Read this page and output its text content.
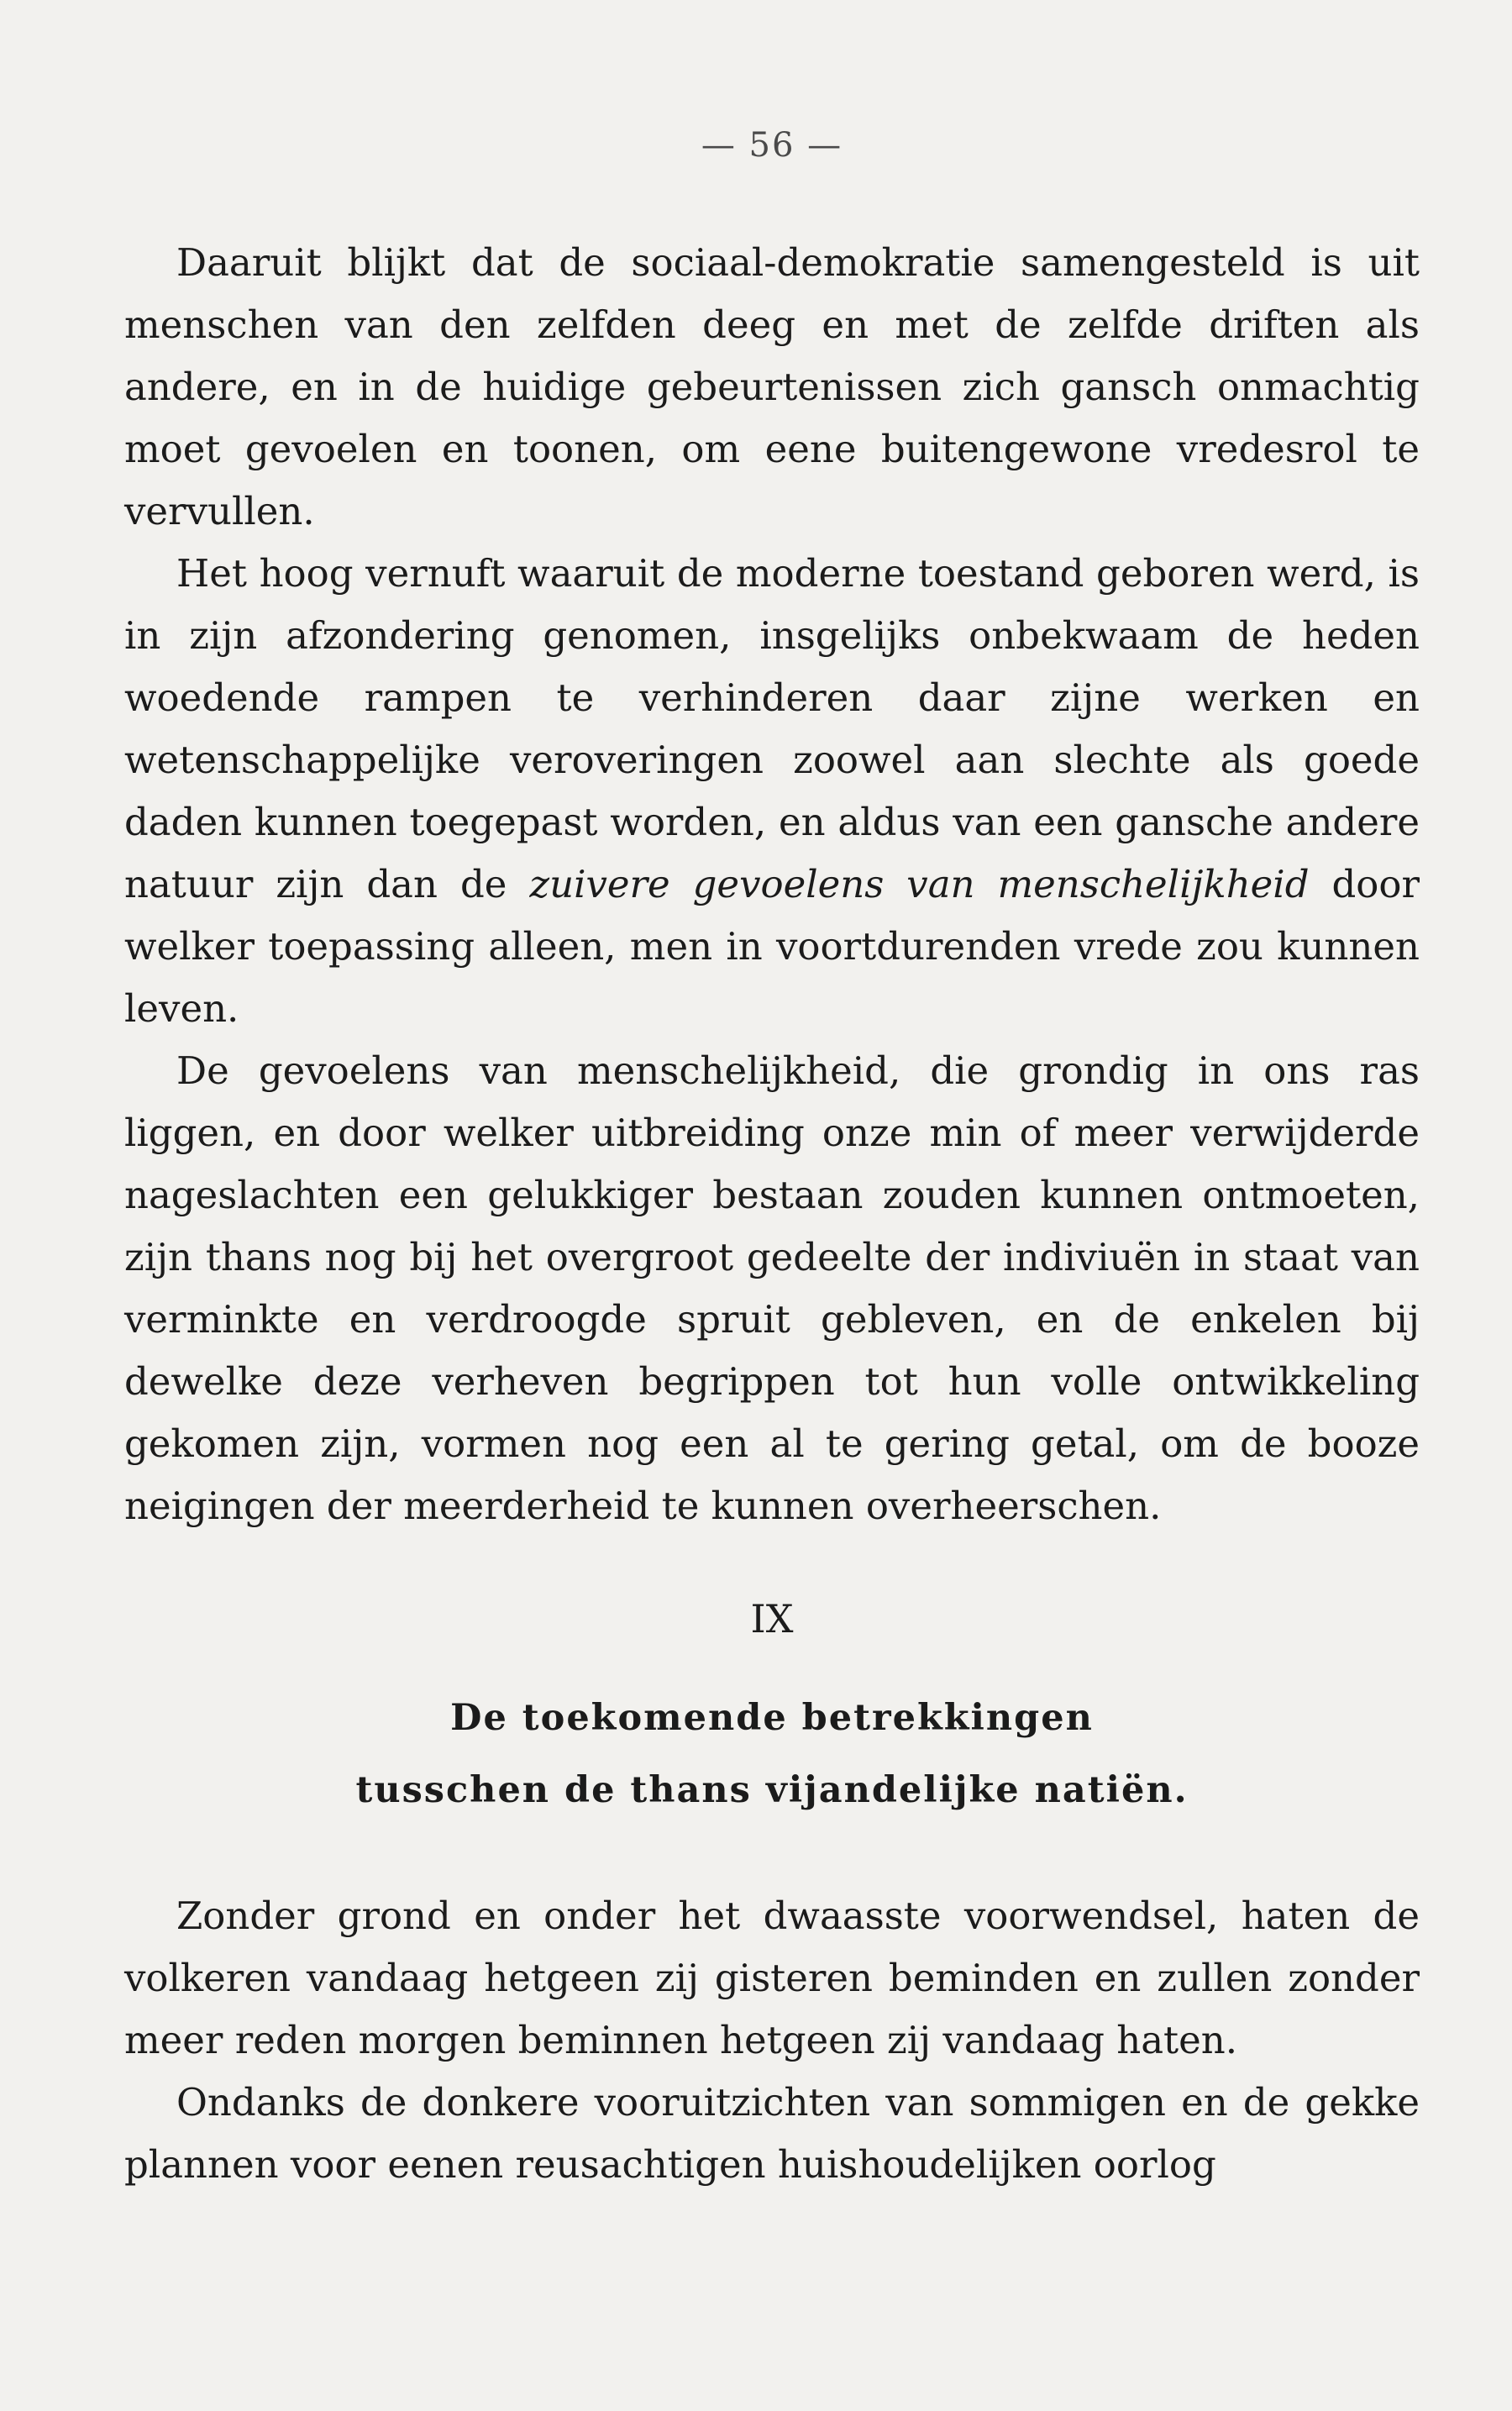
— 56 —

Daaruit blijkt dat de sociaal-demokratie samengesteld is uit menschen van den zelfden deeg en met de zelfde driften als andere, en in de huidige gebeurtenissen zich gansch onmachtig moet gevoelen en toonen, om eene buitengewone vredesrol te vervullen.

Het hoog vernuft waaruit de moderne toestand geboren werd, is in zijn afzondering genomen, insgelijks onbekwaam de heden woedende rampen te verhinderen daar zijne werken en wetenschappelijke veroveringen zoowel aan slechte als goede daden kunnen toegepast worden, en aldus van een gansche andere natuur zijn dan de zuivere gevoelens van menschelijkheid door welker toepassing alleen, men in voortdurenden vrede zou kunnen leven.

De gevoelens van menschelijkheid, die grondig in ons ras liggen, en door welker uitbreiding onze min of meer verwijderde nageslachten een gelukkiger bestaan zouden kunnen ontmoeten, zijn thans nog bij het overgroot gedeelte der indiviuën in staat van verminkte en verdroogde spruit gebleven, en de enkelen bij dewelke deze verheven begrippen tot hun volle ontwikkeling gekomen zijn, vormen nog een al te gering getal, om de booze neigingen der meerderheid te kunnen overheerschen.

IX
De toekomende betrekkingen
tusschen de thans vijandelijke natiën.

Zonder grond en onder het dwaasste voorwendsel, haten de volkeren vandaag hetgeen zij gisteren beminden en zullen zonder meer reden morgen beminnen hetgeen zij vandaag haten.

Ondanks de donkere vooruitzichten van sommigen en de gekke plannen voor eenen reusachtigen huishoudelijken oorlog
